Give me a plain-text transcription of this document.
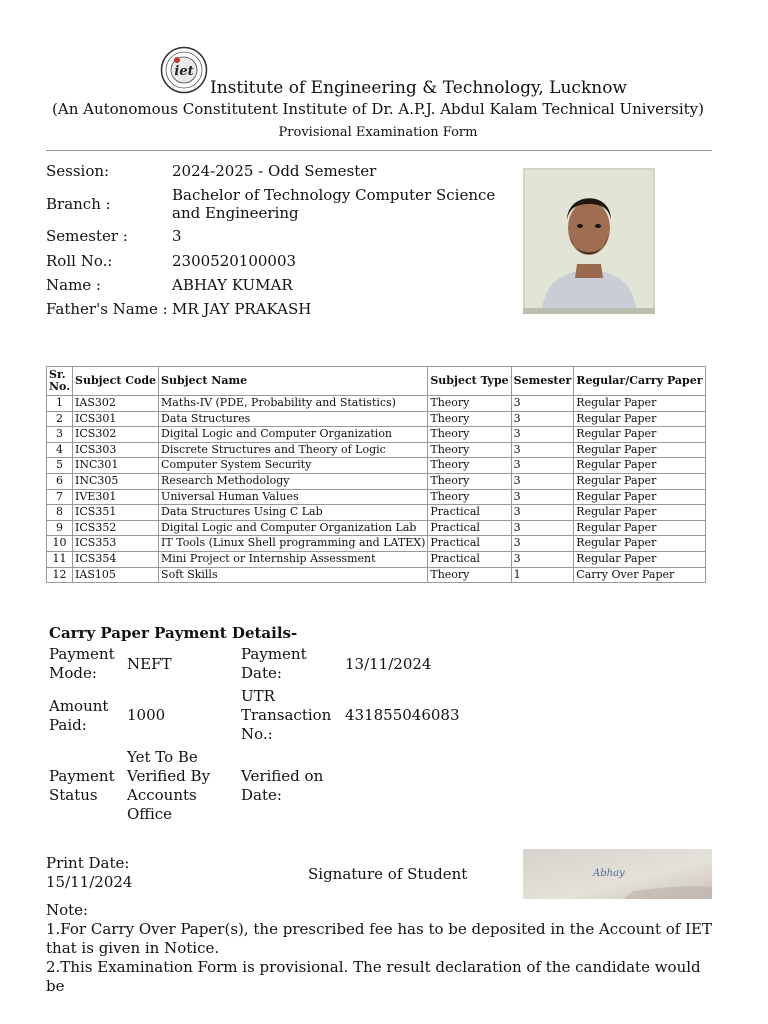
iet
Institute of Engineering & Technology, Lucknow
(An Autonomous Constitutent Institute of Dr. A.P.J. Abdul Kalam Technical University)
Provisional Examination Form
Session:	2024-2025 - Odd Semester
Branch :	Bachelor of Technology Computer Science and Engineering
Semester :	3
Roll No.:	2300520100003
Name :	ABHAY KUMAR
Father's Name : MR JAY PRAKASH
Sr. No.	Subject Code	Subject Name	Subject Type	Semester	Regular/Carry Paper
1	IAS302	Maths-IV (PDE, Probability and Statistics)	Theory	3	Regular Paper
2	ICS301	Data Structures	Theory	3	Regular Paper
3	ICS302	Digital Logic and Computer Organization	Theory	3	Regular Paper
4	ICS303	Discrete Structures and Theory of Logic	Theory	3	Regular Paper
5	INC301	Computer System Security	Theory	3	Regular Paper
6	INC305	Research Methodology	Theory	3	Regular Paper
7	IVE301	Universal Human Values	Theory	3	Regular Paper
8	ICS351	Data Structures Using C Lab	Practical	3	Regular Paper
9	ICS352	Digital Logic and Computer Organization Lab	Practical	3	Regular Paper
10	ICS353	IT Tools (Linux Shell programming and LATEX)	Practical	3	Regular Paper
11	ICS354	Mini Project or Internship Assessment	Practical	3	Regular Paper
12	IAS105	Soft Skills	Theory	1	Carry Over Paper
Carry Paper Payment Details-
Payment Mode:	NEFT	Payment Date:	13/11/2024
Amount Paid:	1000	UTR Transaction No.:	431855046083
Payment Status	Yet To Be Verified By Accounts Office	Verified on Date:	
Print Date:
15/11/2024	Signature of Student	Abhay
Note:
1.For Carry Over Paper(s), the prescribed fee has to be deposited in the Account of IET that is given in Notice.
2.This Examination Form is provisional. The result declaration of the candidate would be
